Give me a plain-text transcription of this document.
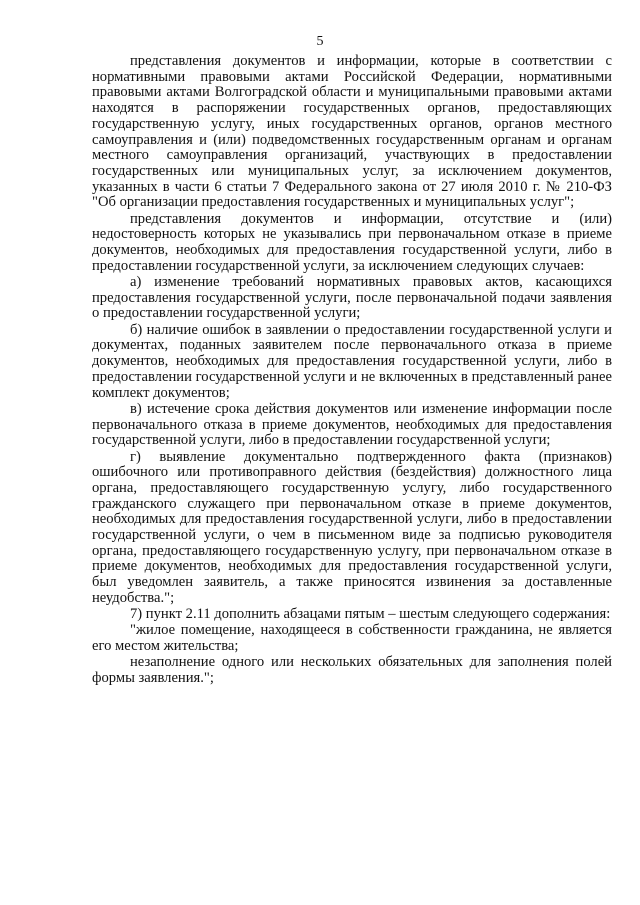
5

представления документов и информации, которые в соответствии с нормативными правовыми актами Российской Федерации, нормативными правовыми актами Волгоградской области и муниципальными правовыми актами находятся в распоряжении государственных органов, предоставляющих государственную услугу, иных государственных органов, органов местного самоуправления и (или) подведомственных государственным органам и органам местного самоуправления организаций, участвующих в предоставлении государственных или муниципальных услуг, за исключением документов, указанных в части 6 статьи 7 Федерального закона от 27 июля 2010 г. № 210-ФЗ "Об организации предоставления государственных и муниципальных услуг";

представления документов и информации, отсутствие и (или) недостоверность которых не указывались при первоначальном отказе в приеме документов, необходимых для предоставления государственной услуги, либо в предоставлении государственной услуги, за исключением следующих случаев:

а) изменение требований нормативных правовых актов, касающихся предоставления государственной услуги, после первоначальной подачи заявления о предоставлении государственной услуги;

б) наличие ошибок в заявлении о предоставлении государственной услуги и документах, поданных заявителем после первоначального отказа в приеме документов, необходимых для предоставления государственной услуги, либо в предоставлении государственной услуги и не включенных в представленный ранее комплект документов;

в) истечение срока действия документов или изменение информации после первоначального отказа в приеме документов, необходимых для предоставления государственной услуги, либо в предоставлении государственной услуги;

г) выявление документально подтвержденного факта (признаков) ошибочного или противоправного действия (бездействия) должностного лица органа, предоставляющего государственную услугу, либо государственного гражданского служащего при первоначальном отказе в приеме документов, необходимых для предоставления государственной услуги, либо в предоставлении государственной услуги, о чем в письменном виде за подписью руководителя органа, предоставляющего государственную услугу, при первоначальном отказе в приеме документов, необходимых для предоставления государственной услуги, был уведомлен заявитель, а также приносятся извинения за доставленные неудобства.";

7) пункт 2.11 дополнить абзацами пятым – шестым следующего содержания:

"жилое помещение, находящееся в собственности гражданина, не является его местом жительства;

незаполнение одного или нескольких обязательных для заполнения полей формы заявления.";
